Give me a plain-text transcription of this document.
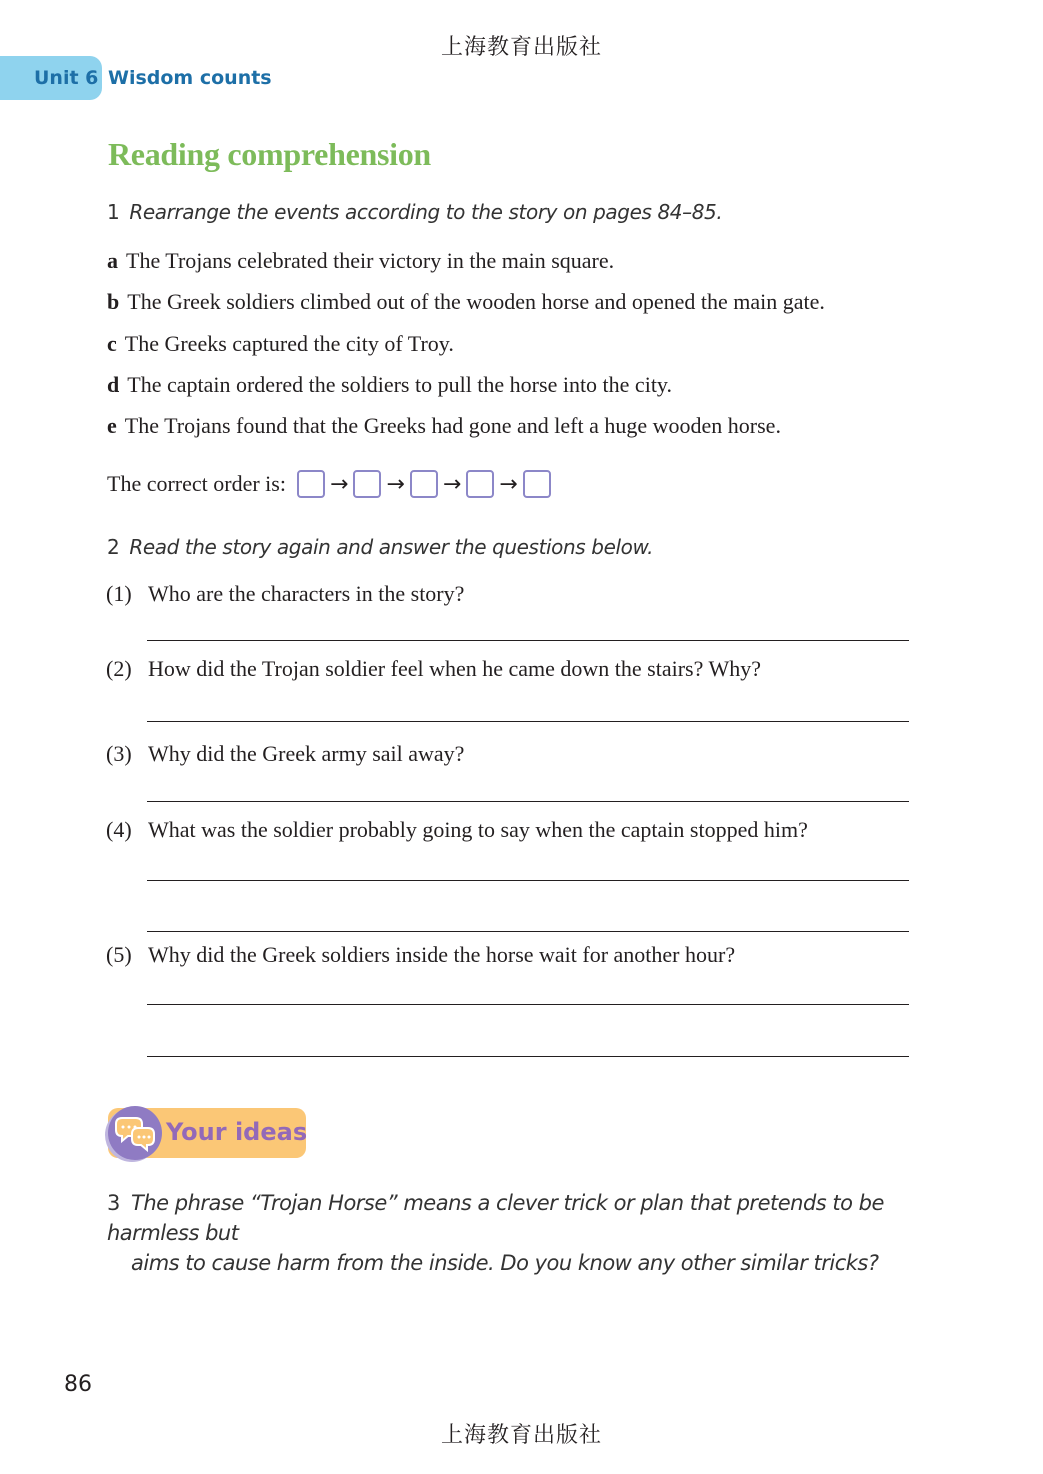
上海教育出版社
Unit 6 Wisdom counts
Reading comprehension
1 Rearrange the events according to the story on pages 84–85.
a The Trojans celebrated their victory in the main square.
b The Greek soldiers climbed out of the wooden horse and opened the main gate.
c The Greeks captured the city of Troy.
d The captain ordered the soldiers to pull the horse into the city.
e The Trojans found that the Greeks had gone and left a huge wooden horse.
The correct order is: → → → →
2 Read the story again and answer the questions below.
(1) Who are the characters in the story?
(2) How did the Trojan soldier feel when he came down the stairs? Why?
(3) Why did the Greek army sail away?
(4) What was the soldier probably going to say when the captain stopped him?
(5) Why did the Greek soldiers inside the horse wait for another hour?
Your ideas
3 The phrase “Trojan Horse” means a clever trick or plan that pretends to be harmless but
aims to cause harm from the inside. Do you know any other similar tricks?
86
上海教育出版社
